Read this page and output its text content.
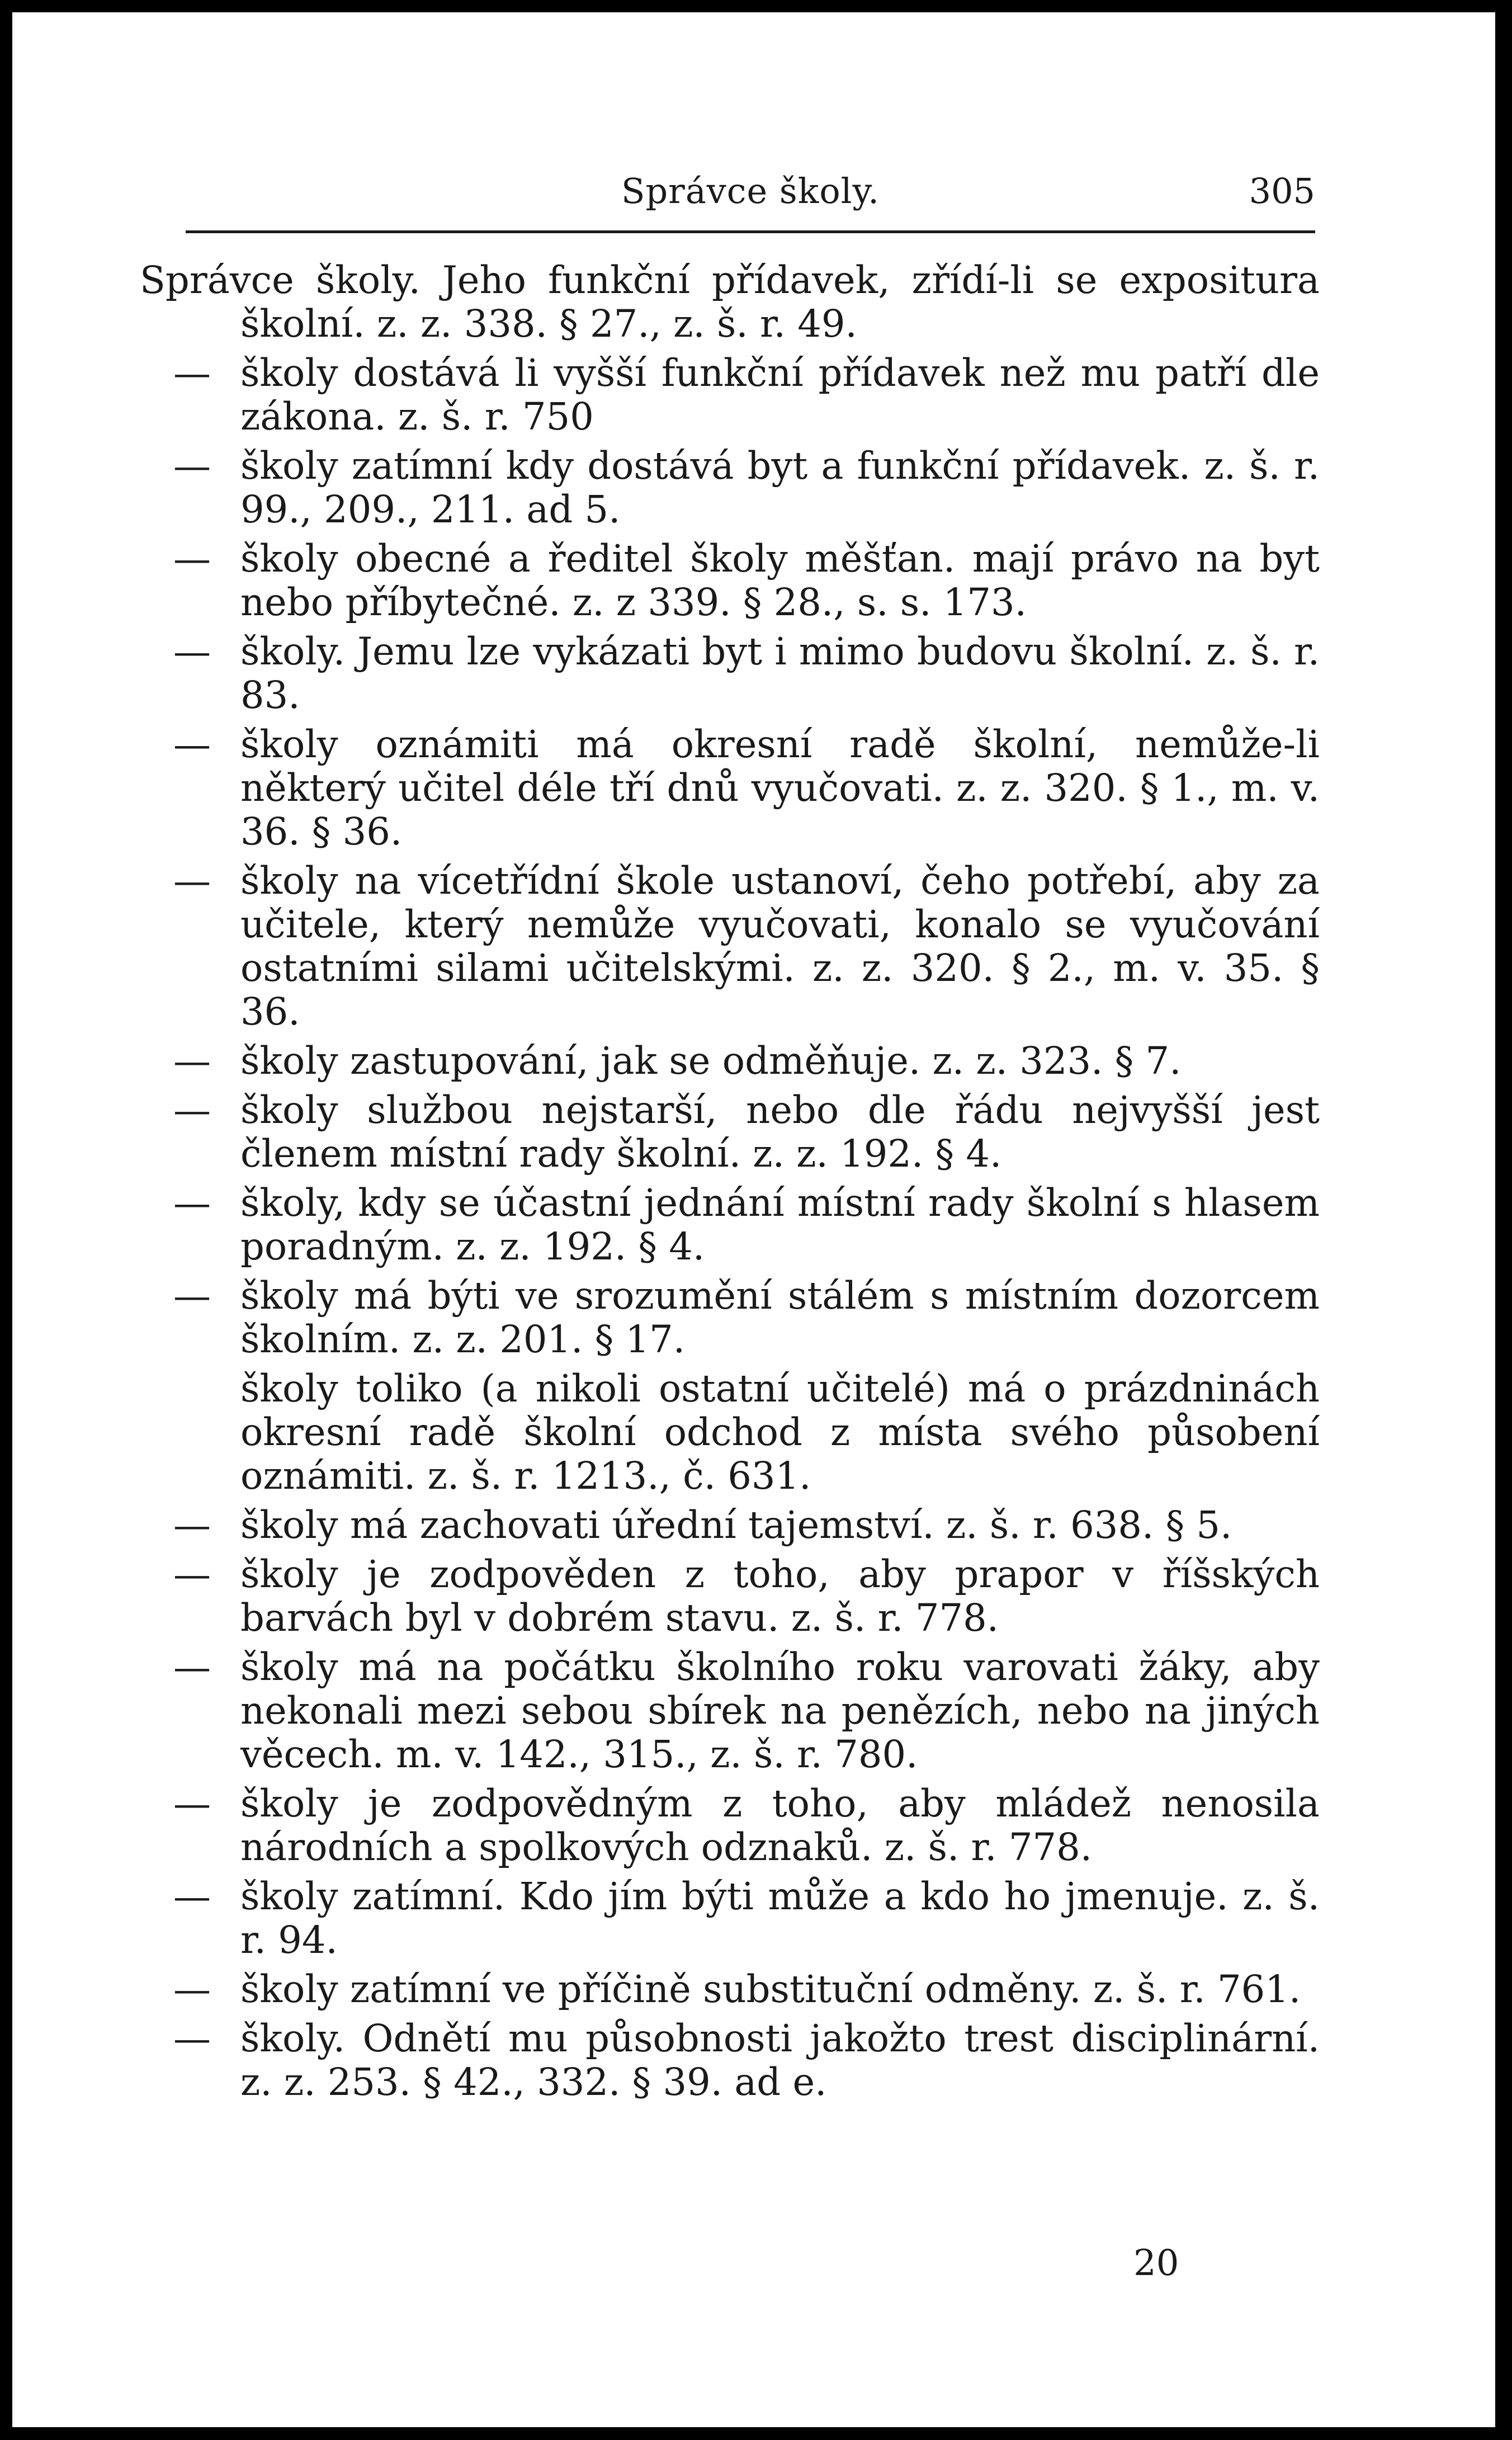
Správce školy.	305
Správce školy. Jeho funkční přídavek, zřídí-li se expositura školní. z. z. 338. § 27., z. š. r. 49.
— školy dostává li vyšší funkční přídavek než mu patří dle zákona. z. š. r. 750
— školy zatímní kdy dostává byt a funkční přídavek. z. š. r. 99., 209., 211. ad 5.
— školy obecné a ředitel školy měšťan. mají právo na byt nebo příbytečné. z. z 339. § 28., s. s. 173.
— školy. Jemu lze vykázati byt i mimo budovu školní. z. š. r. 83.
— školy oznámiti má okresní radě školní, nemůže-li některý učitel déle tří dnů vyučovati. z. z. 320. § 1., m. v. 36. § 36.
— školy na vícetřídní škole ustanoví, čeho potřebí, aby za učitele, který nemůže vyučovati, konalo se vyučování ostatními silami učitelskými. z. z. 320. § 2., m. v. 35. § 36.
— školy zastupování, jak se odměňuje. z. z. 323. § 7.
— školy službou nejstarší, nebo dle řádu nejvyšší jest členem místní rady školní. z. z. 192. § 4.
— školy, kdy se účastní jednání místní rady školní s hlasem poradným. z. z. 192. § 4.
— školy má býti ve srozumění stálém s místním dozorcem školním. z. z. 201. § 17.
školy toliko (a nikoli ostatní učitelé) má o prázdninách okresní radě školní odchod z místa svého působení oznámiti. z. š. r. 1213., č. 631.
— školy má zachovati úřední tajemství. z. š. r. 638. § 5.
— školy je zodpověden z toho, aby prapor v říšských barvách byl v dobrém stavu. z. š. r. 778.
— školy má na počátku školního roku varovati žáky, aby nekonali mezi sebou sbírek na penězích, nebo na jiných věcech. m. v. 142., 315., z. š. r. 780.
— školy je zodpovědným z toho, aby mládež nenosila národních a spolkových odznaků. z. š. r. 778.
— školy zatímní. Kdo jím býti může a kdo ho jmenuje. z. š. r. 94.
— školy zatímní ve příčině substituční odměny. z. š. r. 761.
— školy. Odnětí mu působnosti jakožto trest disciplinární. z. z. 253. § 42., 332. § 39. ad e.
20
